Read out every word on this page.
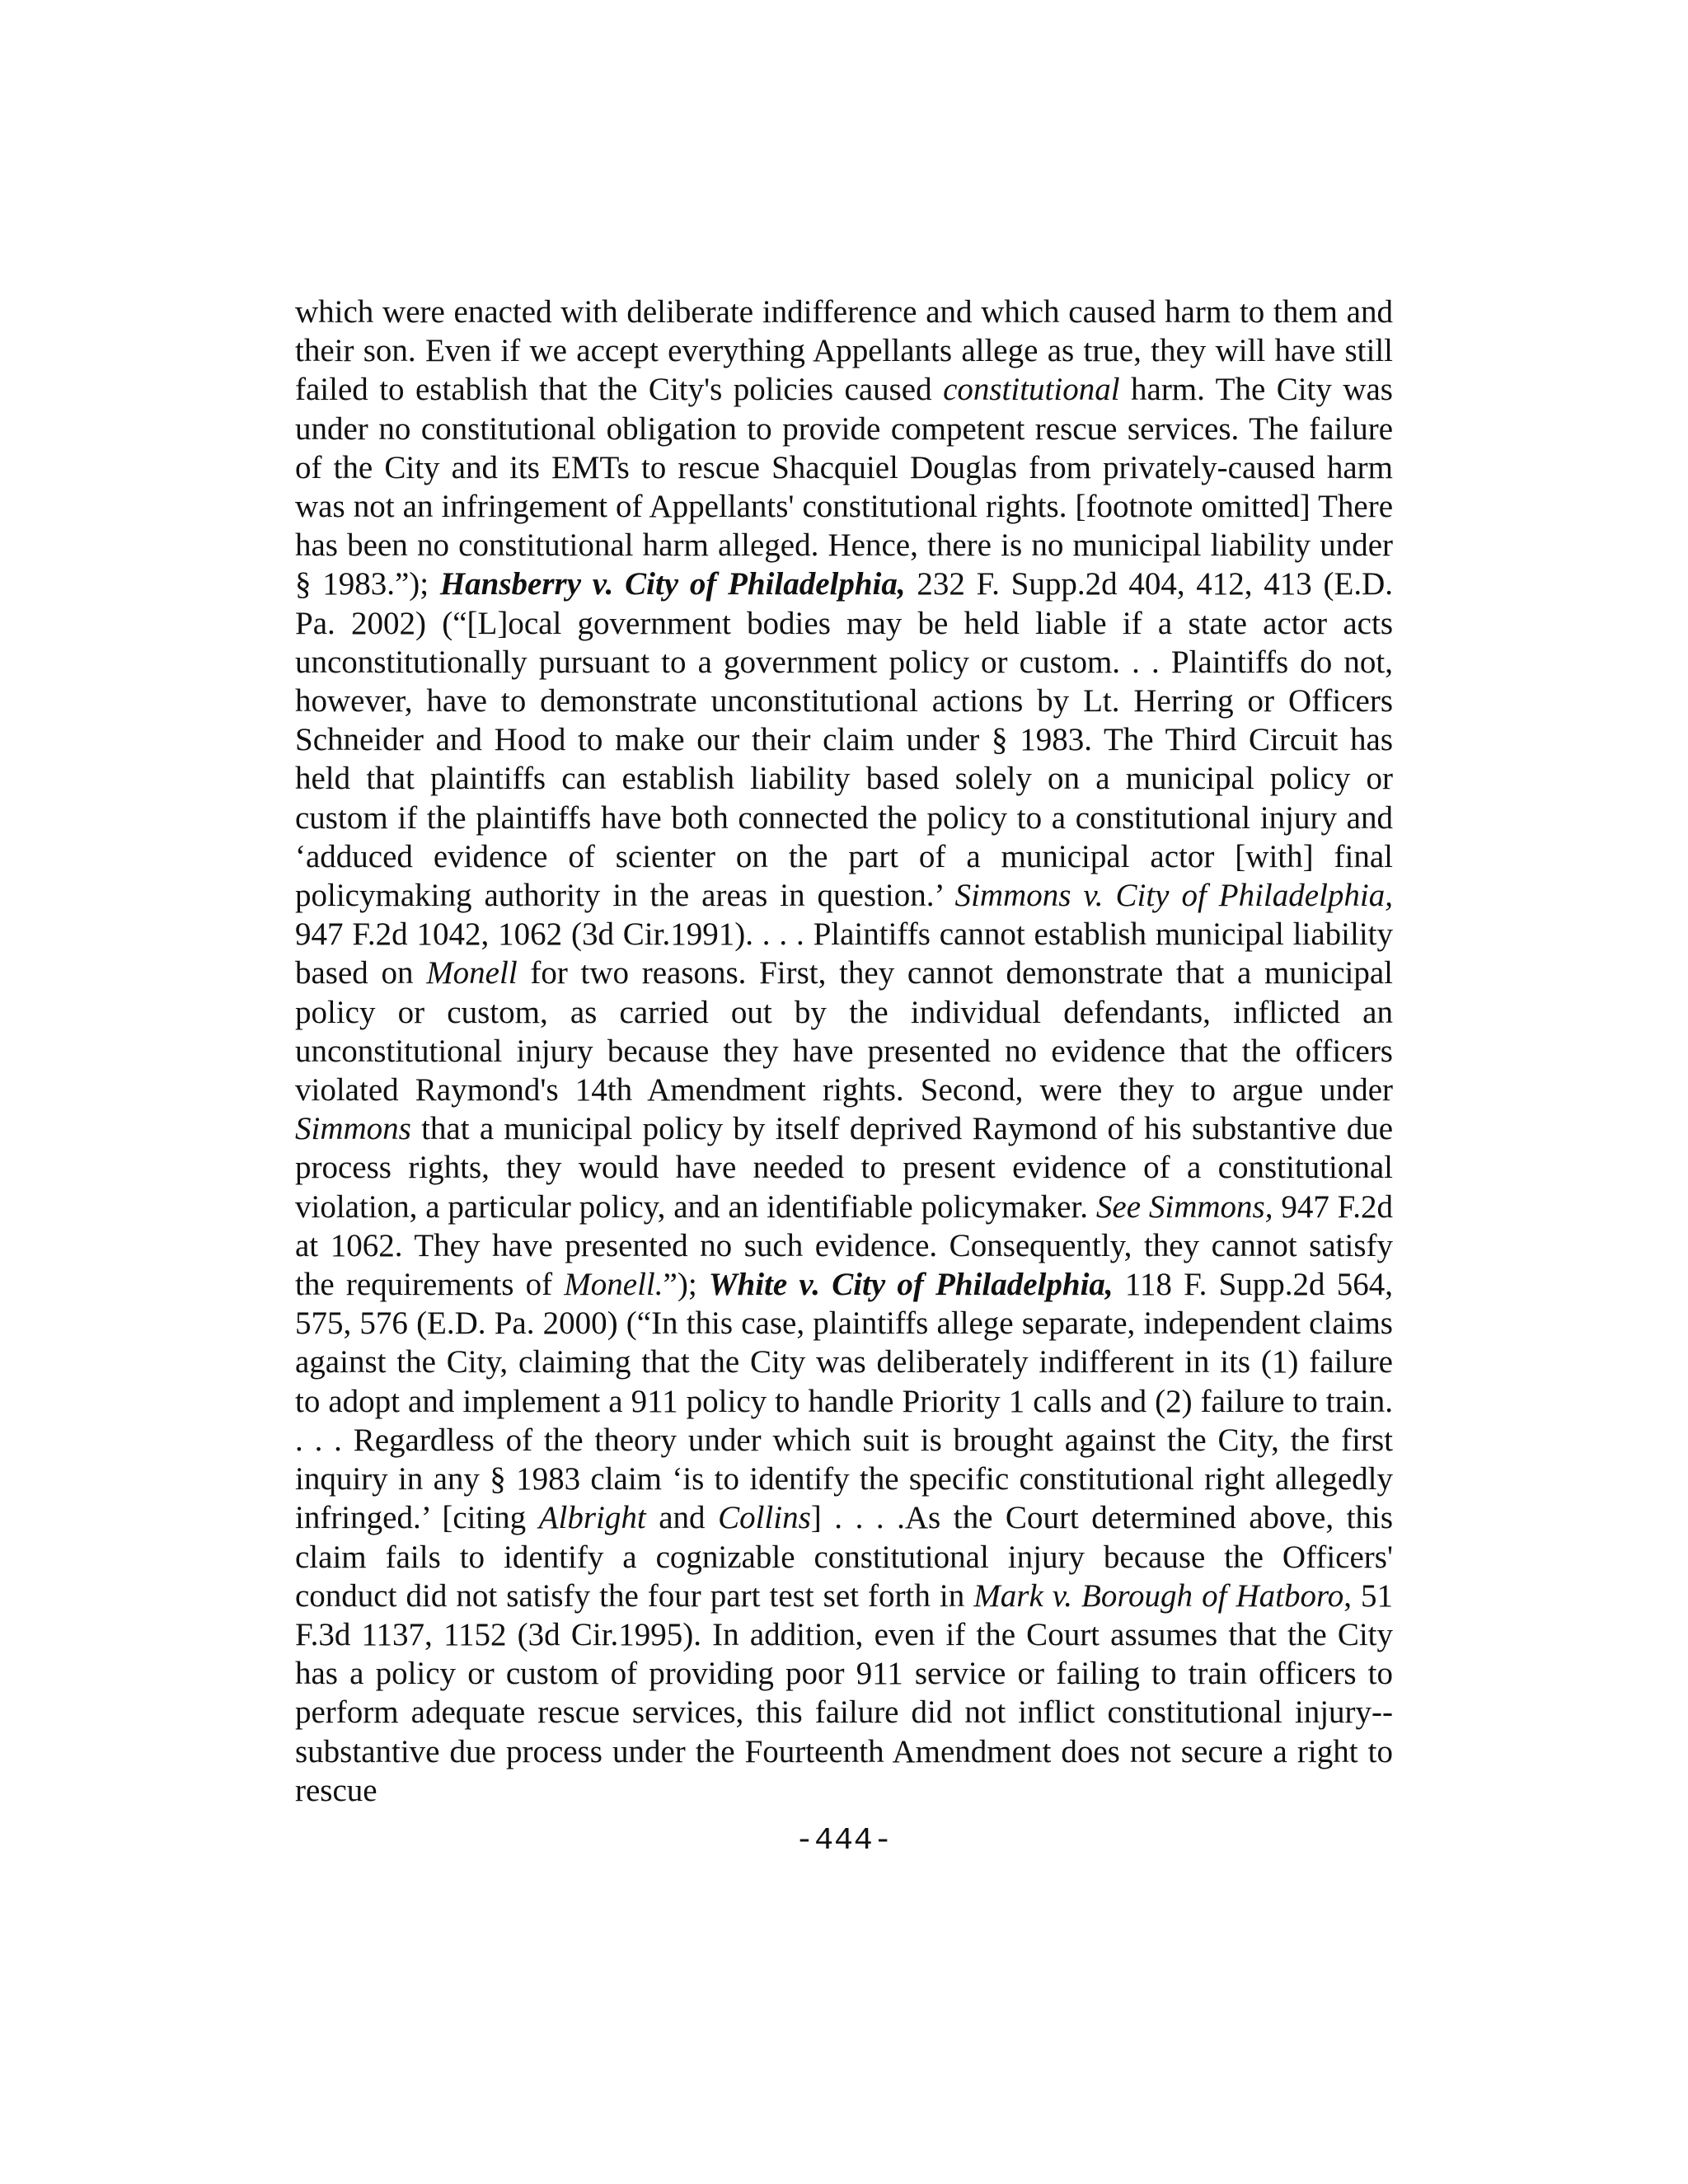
which were enacted with deliberate indifference and which caused harm to them and their son. Even if we accept everything Appellants allege as true, they will have still failed to establish that the City's policies caused constitutional harm. The City was under no constitutional obligation to provide competent rescue services. The failure of the City and its EMTs to rescue Shacquiel Douglas from privately-caused harm was not an infringement of Appellants' constitutional rights. [footnote omitted] There has been no constitutional harm alleged. Hence, there is no municipal liability under § 1983.”); Hansberry v. City of Philadelphia, 232 F. Supp.2d 404, 412, 413 (E.D. Pa. 2002) (“[L]ocal government bodies may be held liable if a state actor acts unconstitutionally pursuant to a government policy or custom. . . Plaintiffs do not, however, have to demonstrate unconstitutional actions by Lt. Herring or Officers Schneider and Hood to make our their claim under § 1983. The Third Circuit has held that plaintiffs can establish liability based solely on a municipal policy or custom if the plaintiffs have both connected the policy to a constitutional injury and ‘adduced evidence of scienter on the part of a municipal actor [with] final policymaking authority in the areas in question.’ Simmons v. City of Philadelphia, 947 F.2d 1042, 1062 (3d Cir.1991). . . . Plaintiffs cannot establish municipal liability based on Monell for two reasons. First, they cannot demonstrate that a municipal policy or custom, as carried out by the individual defendants, inflicted an unconstitutional injury because they have presented no evidence that the officers violated Raymond's 14th Amendment rights. Second, were they to argue under Simmons that a municipal policy by itself deprived Raymond of his substantive due process rights, they would have needed to present evidence of a constitutional violation, a particular policy, and an identifiable policymaker. See Simmons, 947 F.2d at 1062. They have presented no such evidence. Consequently, they cannot satisfy the requirements of Monell.”); White v. City of Philadelphia, 118 F. Supp.2d 564, 575, 576 (E.D. Pa. 2000) (“In this case, plaintiffs allege separate, independent claims against the City, claiming that the City was deliberately indifferent in its (1) failure to adopt and implement a 911 policy to handle Priority 1 calls and (2) failure to train. . . . Regardless of the theory under which suit is brought against the City, the first inquiry in any § 1983 claim ‘is to identify the specific constitutional right allegedly infringed.’ [citing Albright and Collins] . . . .As the Court determined above, this claim fails to identify a cognizable constitutional injury because the Officers' conduct did not satisfy the four part test set forth in Mark v. Borough of Hatboro, 51 F.3d 1137, 1152 (3d Cir.1995). In addition, even if the Court assumes that the City has a policy or custom of providing poor 911 service or failing to train officers to perform adequate rescue services, this failure did not inflict constitutional injury--substantive due process under the Fourteenth Amendment does not secure a right to rescue

-444-
